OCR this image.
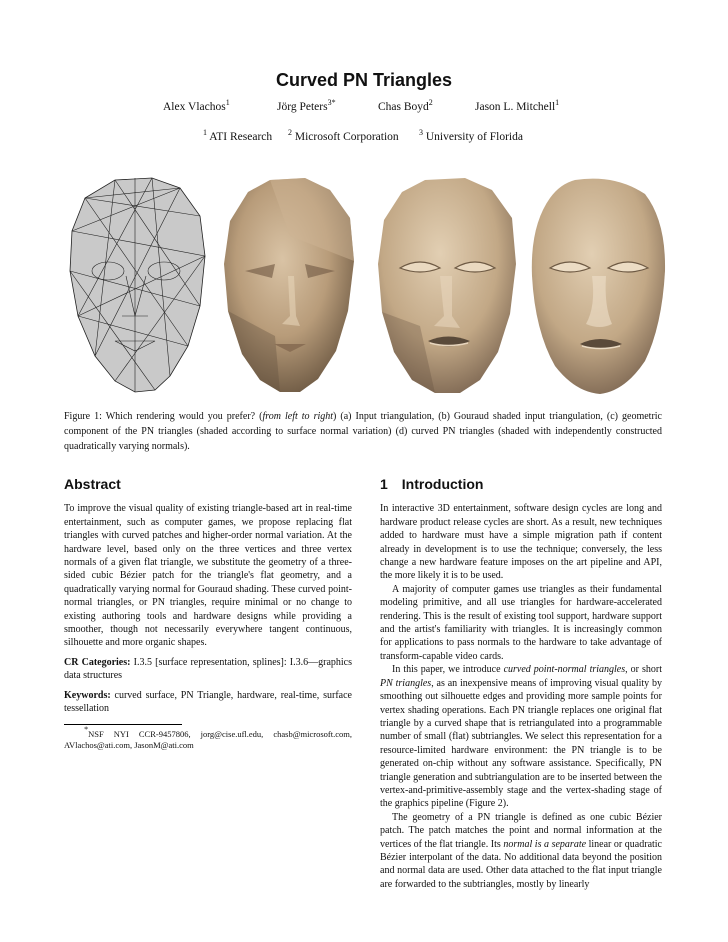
Curved PN Triangles
Alex Vlachos$^1$	Jörg Peters$^{3*}$	Chas Boyd$^2$	Jason L. Mitchell$^1$
$^1$ ATI Research $^2$ Microsoft Corporation	$^3$ University of Florida
Figure 1: Which rendering would you prefer? (from left to right) (a) Input triangulation, (b) Gouraud shaded input triangulation, (c) geometric component of the PN triangles (shaded according to surface normal variation) (d) curved PN triangles (shaded with independently constructed quadratically varying normals).
Abstract

To improve the visual quality of existing triangle-based art in real-time entertainment, such as computer games, we propose replacing flat triangles with curved patches and higher-order normal variation. At the hardware level, based only on the three vertices and three vertex normals of a given flat triangle, we substitute the geometry of a three-sided cubic Bézier patch for the triangle's flat geometry, and a quadratically varying normal for Gouraud shading. These curved point-normal triangles, or PN triangles, require minimal or no change to existing authoring tools and hardware designs while providing a smoother, though not necessarily everywhere tangent continuous, silhouette and more organic shapes.

CR Categories: I.3.5 [surface representation, splines]: I.3.6—graphics data structures

Keywords: curved surface, PN Triangle, hardware, real-time, surface tessellation

*NSF NYI CCR-9457806, jorg@cise.ufl.edu, chasb@microsoft.com, AVlachos@ati.com, JasonM@ati.com

1 Introduction

In interactive 3D entertainment, software design cycles are long and hardware product release cycles are short. As a result, new techniques added to hardware must have a simple migration path if content already in development is to use the technique; conversely, the less change a new hardware feature imposes on the art pipeline and API, the more likely it is to be used.

A majority of computer games use triangles as their fundamental modeling primitive, and all use triangles for hardware-accelerated rendering. This is the result of existing tool support, hardware support and the artist's familiarity with triangles. It is increasingly common for applications to pass normals to the hardware to take advantage of transform-capable video cards.

In this paper, we introduce curved point-normal triangles, or short PN triangles, as an inexpensive means of improving visual quality by smoothing out silhouette edges and providing more sample points for vertex shading operations. Each PN triangle replaces one original flat triangle by a curved shape that is retriangulated into a programmable number of small (flat) subtriangles. We select this representation for a resource-limited hardware environment: the PN triangle is to be generated on-chip without any software assistance. Specifically, PN triangle generation and subtriangulation are to be inserted between the vertex-and-primitive-assembly stage and the vertex-shading stage of the graphics pipeline (Figure 2).

The geometry of a PN triangle is defined as one cubic Bézier patch. The patch matches the point and normal information at the vertices of the flat triangle. Its normal is a separate linear or quadratic Bézier interpolant of the data. No additional data beyond the position and normal data are used. Other data attached to the flat input triangle are forwarded to the subtriangles, mostly by linearly
